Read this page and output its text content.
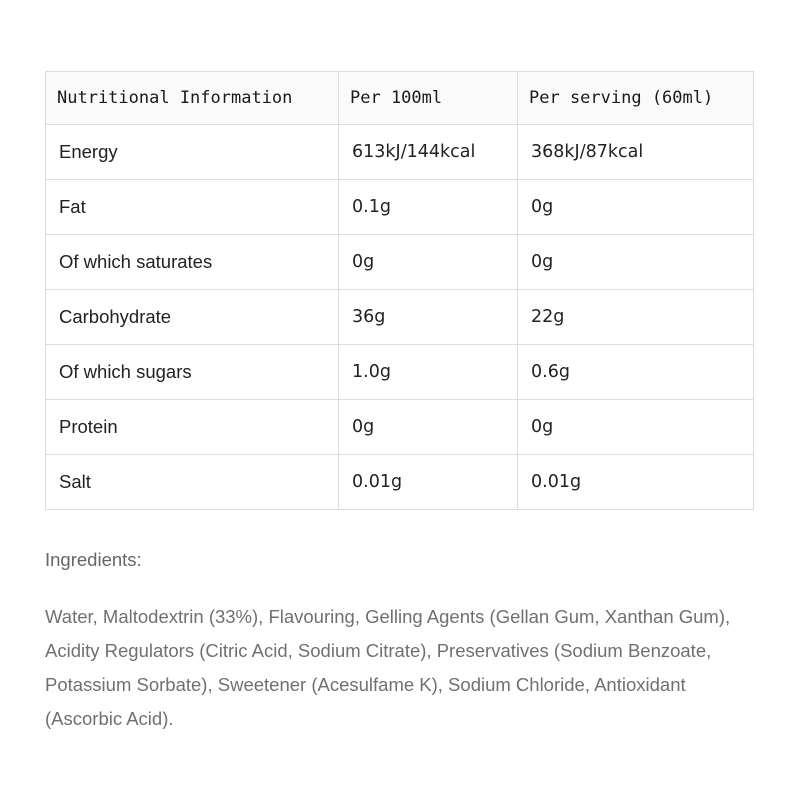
Nutritional Information	Per 100ml	Per serving (60ml)
Energy	613kJ/144kcal	368kJ/87kcal
Fat	0.1g	0g
Of which saturates	0g	0g
Carbohydrate	36g	22g
Of which sugars	1.0g	0.6g
Protein	0g	0g
Salt	0.01g	0.01g
Ingredients:

Water, Maltodextrin (33%), Flavouring, Gelling Agents (Gellan Gum, Xanthan Gum), Acidity Regulators (Citric Acid, Sodium Citrate), Preservatives (Sodium Benzoate, Potassium Sorbate), Sweetener (Acesulfame K), Sodium Chloride, Antioxidant (Ascorbic Acid).
